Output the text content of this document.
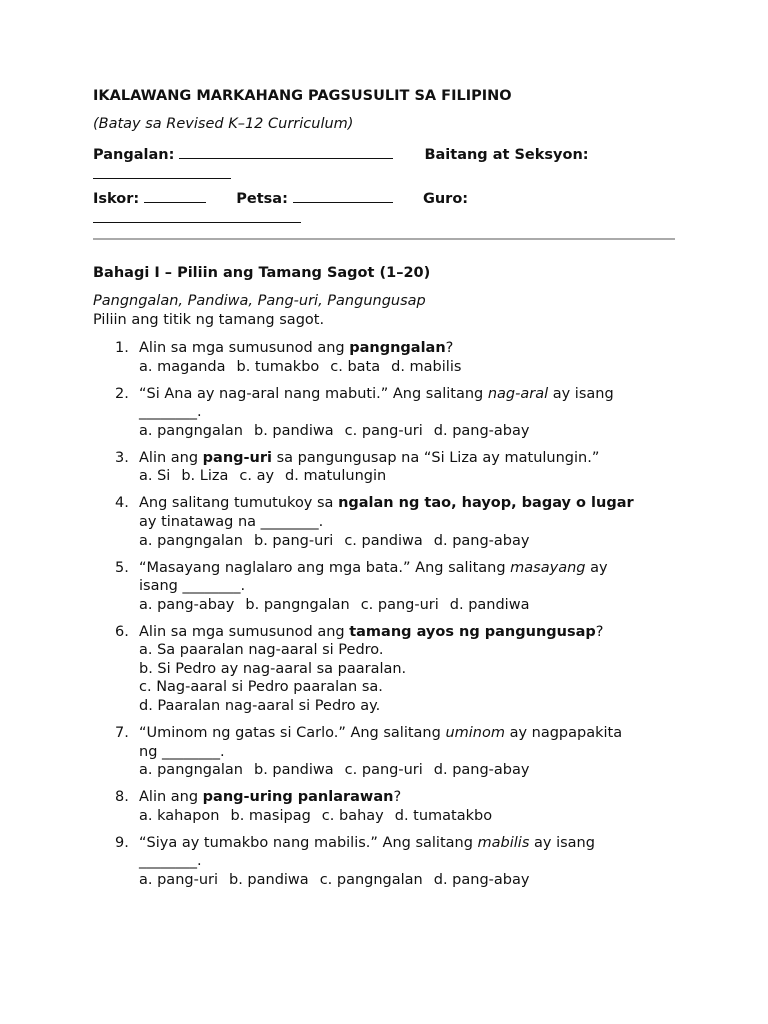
IKALAWANG MARKAHANG PAGSUSULIT SA FILIPINO

(Batay sa Revised K–12 Curriculum)

Pangalan:	Baitang at Seksyon:

Iskor:	Petsa:	Guro:

Bahagi I – Piliin ang Tamang Sagot (1–20)

Pangngalan, Pandiwa, Pang-uri, Pangungusap

Piliin ang titik ng tamang sagot.

1. Alin sa mga sumusunod ang pangngalan?
a. maganda b. tumakbo c. bata d. mabilis
2. “Si Ana ay nag-aral nang mabuti.” Ang salitang nag-aral ay isang
________.
a. pangngalan b. pandiwa c. pang-uri d. pang-abay
3. Alin ang pang-uri sa pangungusap na “Si Liza ay matulungin.”
a. Si b. Liza c. ay d. matulungin
4. Ang salitang tumutukoy sa ngalan ng tao, hayop, bagay o lugar
ay tinatawag na ________.
a. pangngalan b. pang-uri c. pandiwa d. pang-abay
5. “Masayang naglalaro ang mga bata.” Ang salitang masayang ay
isang ________.
a. pang-abay b. pangngalan c. pang-uri d. pandiwa
6. Alin sa mga sumusunod ang tamang ayos ng pangungusap?
a. Sa paaralan nag-aaral si Pedro.
b. Si Pedro ay nag-aaral sa paaralan.
c. Nag-aaral si Pedro paaralan sa.
d. Paaralan nag-aaral si Pedro ay.
7. “Uminom ng gatas si Carlo.” Ang salitang uminom ay nagpapakita
ng ________.
a. pangngalan b. pandiwa c. pang-uri d. pang-abay
8. Alin ang pang-uring panlarawan?
a. kahapon b. masipag c. bahay d. tumatakbo
9. “Siya ay tumakbo nang mabilis.” Ang salitang mabilis ay isang
________.
a. pang-uri b. pandiwa c. pangngalan d. pang-abay
